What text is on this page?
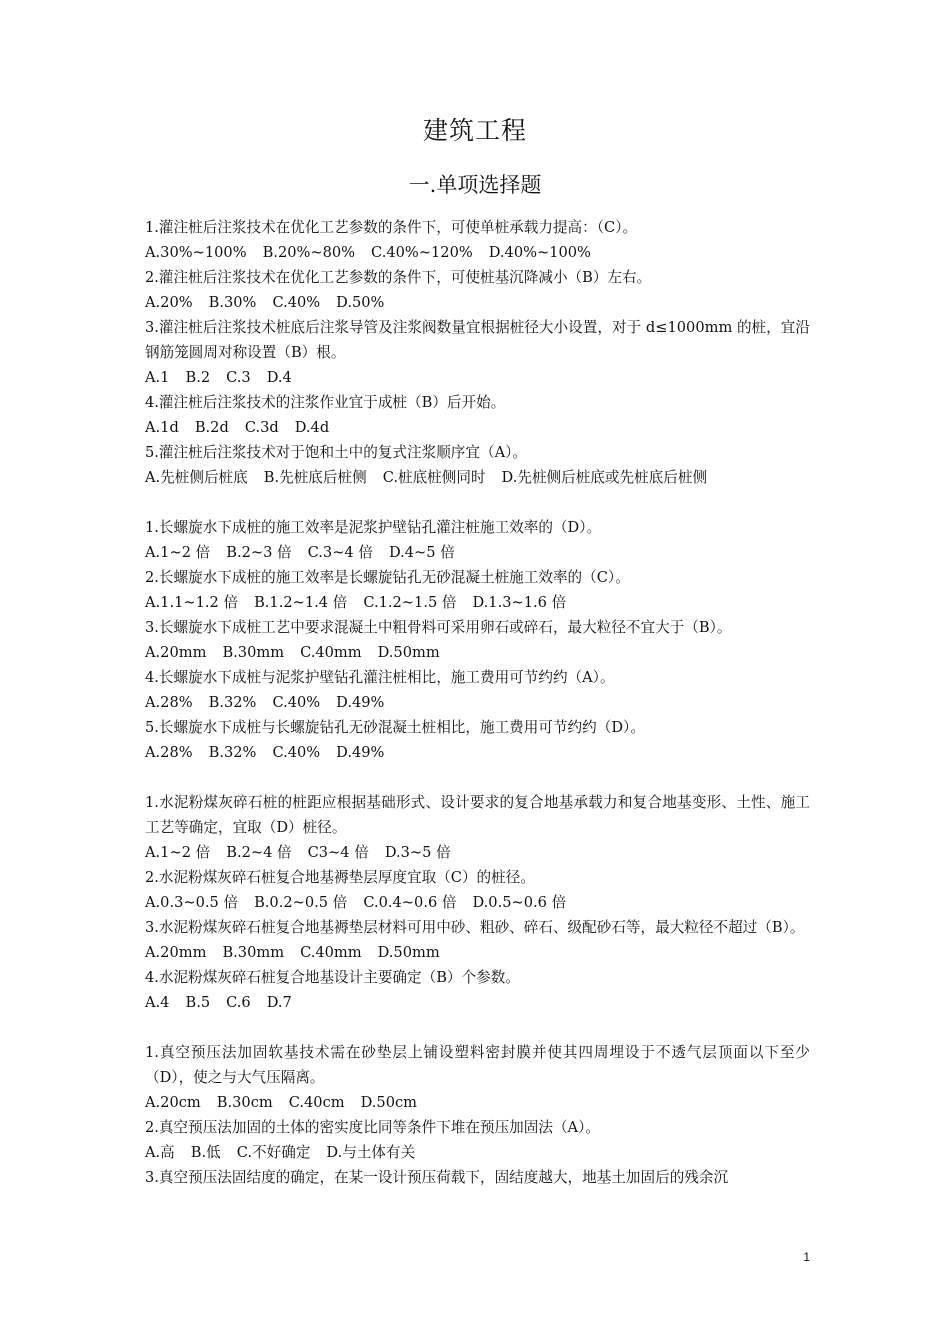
建筑工程
一.单项选择题
1.灌注桩后注浆技术在优化工艺参数的条件下，可使单桩承载力提高：（C）。
A.30%~100% B.20%~80% C.40%~120% D.40%~100%
2.灌注桩后注浆技术在优化工艺参数的条件下，可使桩基沉降减小（B）左右。
A.20% B.30% C.40% D.50%
3.灌注桩后注浆技术桩底后注浆导管及注浆阀数量宜根据桩径大小设置，对于 d≤1000mm 的桩，宜沿钢筋笼圆周对称设置（B）根。
A.1 B.2 C.3 D.4
4.灌注桩后注浆技术的注浆作业宜于成桩（B）后开始。
A.1d B.2d C.3d D.4d
5.灌注桩后注浆技术对于饱和土中的复式注浆顺序宜（A）。
A.先桩侧后桩底 B.先桩底后桩侧 C.桩底桩侧同时 D.先桩侧后桩底或先桩底后桩侧
1.长螺旋水下成桩的施工效率是泥浆护壁钻孔灌注桩施工效率的（D）。
A.1~2 倍 B.2~3 倍 C.3~4 倍 D.4~5 倍
2.长螺旋水下成桩的施工效率是长螺旋钻孔无砂混凝土桩施工效率的（C）。
A.1.1~1.2 倍 B.1.2~1.4 倍 C.1.2~1.5 倍 D.1.3~1.6 倍
3.长螺旋水下成桩工艺中要求混凝土中粗骨料可采用卵石或碎石，最大粒径不宜大于（B）。
A.20mm B.30mm C.40mm D.50mm
4.长螺旋水下成桩与泥浆护壁钻孔灌注桩相比，施工费用可节约约（A）。
A.28% B.32% C.40% D.49%
5.长螺旋水下成桩与长螺旋钻孔无砂混凝土桩相比，施工费用可节约约（D）。
A.28% B.32% C.40% D.49%
1.水泥粉煤灰碎石桩的桩距应根据基础形式、设计要求的复合地基承载力和复合地基变形、土性、施工工艺等确定，宜取（D）桩径。
A.1~2 倍 B.2~4 倍 C3~4 倍 D.3~5 倍
2.水泥粉煤灰碎石桩复合地基褥垫层厚度宜取（C）的桩径。
A.0.3~0.5 倍 B.0.2~0.5 倍 C.0.4~0.6 倍 D.0.5~0.6 倍
3.水泥粉煤灰碎石桩复合地基褥垫层材料可用中砂、粗砂、碎石、级配砂石等，最大粒径不超过（B）。
A.20mm B.30mm C.40mm D.50mm
4.水泥粉煤灰碎石桩复合地基设计主要确定（B）个参数。
A.4 B.5 C.6 D.7
1.真空预压法加固软基技术需在砂垫层上铺设塑料密封膜并使其四周埋设于不透气层顶面以下至少（D），使之与大气压隔离。
A.20cm B.30cm C.40cm D.50cm
2.真空预压法加固的土体的密实度比同等条件下堆在预压加固法（A）。
A.高 B.低 C.不好确定 D.与土体有关
3.真空预压法固结度的确定，在某一设计预压荷载下，固结度越大，地基土加固后的残余沉
1
